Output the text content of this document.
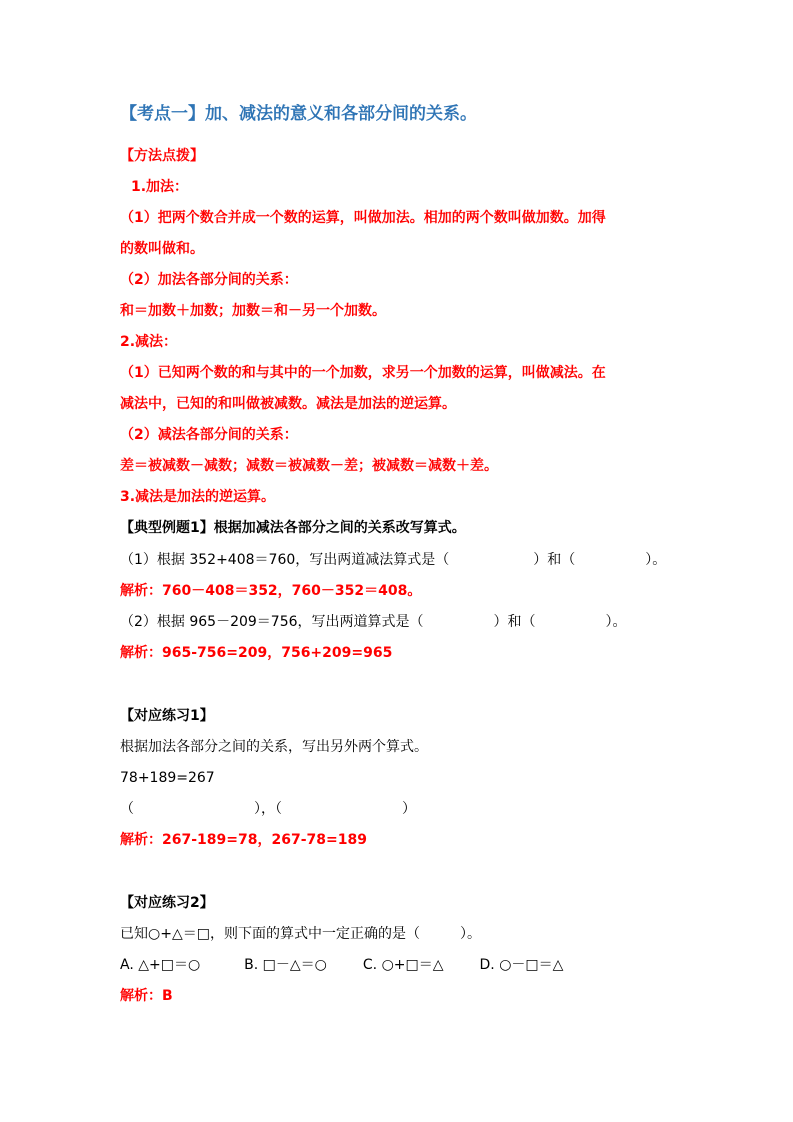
【考点一】加、减法的意义和各部分间的关系。
【方法点拨】
1.加法：
（1）把两个数合并成一个数的运算，叫做加法。相加的两个数叫做加数。加得
的数叫做和。
（2）加法各部分间的关系：
和＝加数＋加数；加数＝和－另一个加数。
2.减法：
（1）已知两个数的和与其中的一个加数，求另一个加数的运算，叫做减法。在
减法中，已知的和叫做被减数。减法是加法的逆运算。
（2）减法各部分间的关系：
差＝被减数－减数；减数＝被减数－差；被减数＝减数＋差。
3.减法是加法的逆运算。
【典型例题1】根据加减法各部分之间的关系改写算式。
（1）根据 352+408＝760，写出两道减法算式是（	）和（	）。
解析：760－408＝352，760－352＝408。
（2）根据 965－209＝756，写出两道算式是（	）和（	）。
解析：965-756=209，756+209=965
【对应练习1】
根据加法各部分之间的关系，写出另外两个算式。
78+189=267
（	），（	）
解析：267-189=78，267-78=189
【对应练习2】
已知○+△＝□，则下面的算式中一定正确的是（	）。
A. △+□＝○	B. □－△＝○	C. ○+□＝△	D. ○－□＝△
解析：B
